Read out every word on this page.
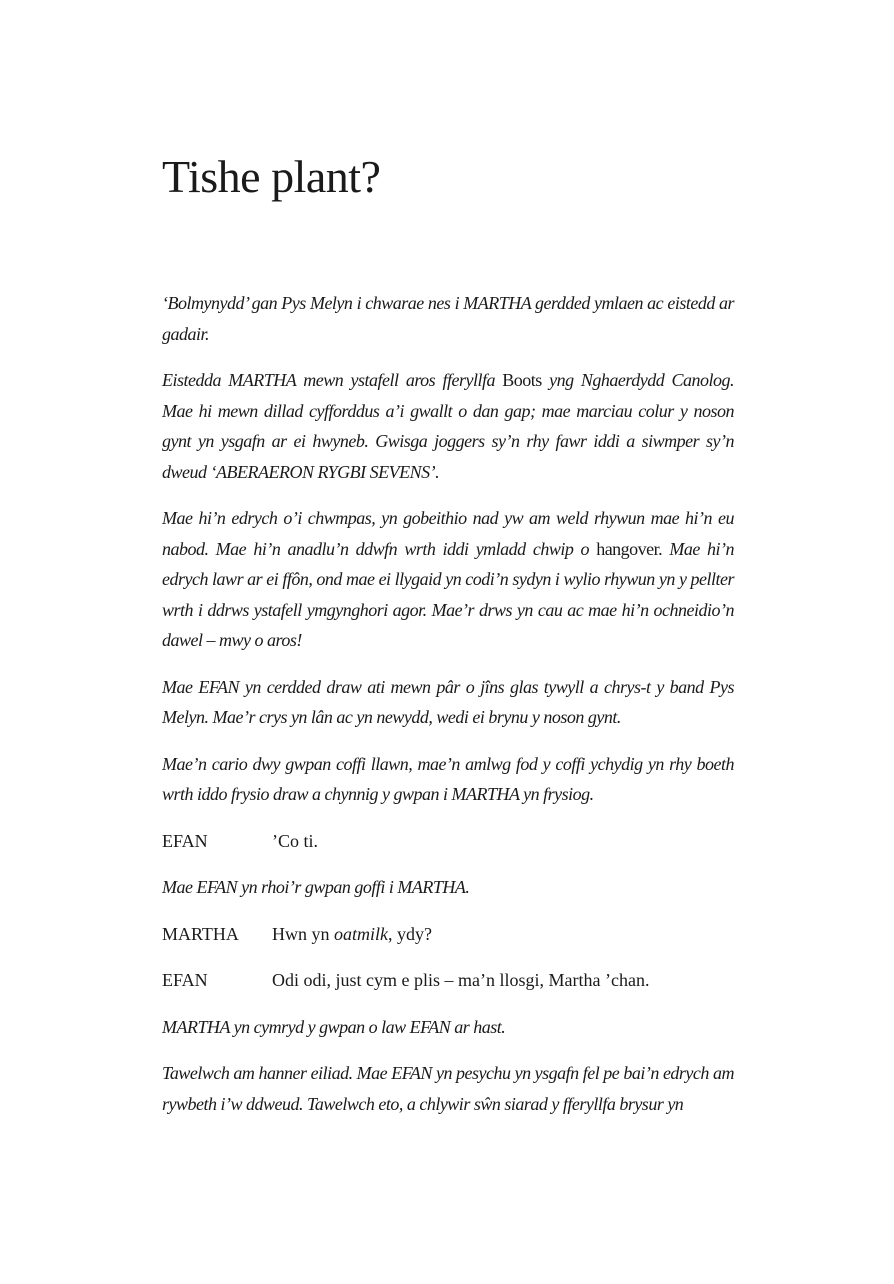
Tishe plant?

‘Bolmynydd’ gan Pys Melyn i chwarae nes i MARTHA gerdded ymlaen ac eistedd ar gadair.

Eistedda MARTHA mewn ystafell aros fferyllfa Boots yng Nghaerdydd Canolog. Mae hi mewn dillad cyfforddus a’i gwallt o dan gap; mae marciau colur y noson gynt yn ysgafn ar ei hwyneb. Gwisga joggers sy’n rhy fawr iddi a siwmper sy’n dweud ‘ABERAERON RYGBI SEVENS’.

Mae hi’n edrych o’i chwmpas, yn gobeithio nad yw am weld rhywun mae hi’n eu nabod. Mae hi’n anadlu’n ddwfn wrth iddi ymladd chwip o hangover. Mae hi’n edrych lawr ar ei ffôn, ond mae ei llygaid yn codi’n sydyn i wylio rhywun yn y pellter wrth i ddrws ystafell ymgynghori agor. Mae’r drws yn cau ac mae hi’n ochneidio’n dawel – mwy o aros!

Mae EFAN yn cerdded draw ati mewn pâr o jîns glas tywyll a chrys-t y band Pys Melyn. Mae’r crys yn lân ac yn newydd, wedi ei brynu y noson gynt.

Mae’n cario dwy gwpan coffi llawn, mae’n amlwg fod y coffi ychydig yn rhy boeth wrth iddo frysio draw a chynnig y gwpan i MARTHA yn frysiog.

EFAN	’Co ti.

Mae EFAN yn rhoi’r gwpan goffi i MARTHA.

MARTHA	Hwn yn oatmilk, ydy?
EFAN	Odi odi, just cym e plis – ma’n llosgi, Martha ’chan.

MARTHA yn cymryd y gwpan o law EFAN ar hast.

Tawelwch am hanner eiliad. Mae EFAN yn pesychu yn ysgafn fel pe bai’n edrych am rywbeth i’w ddweud. Tawelwch eto, a chlywir sŵn siarad y fferyllfa brysur yn
